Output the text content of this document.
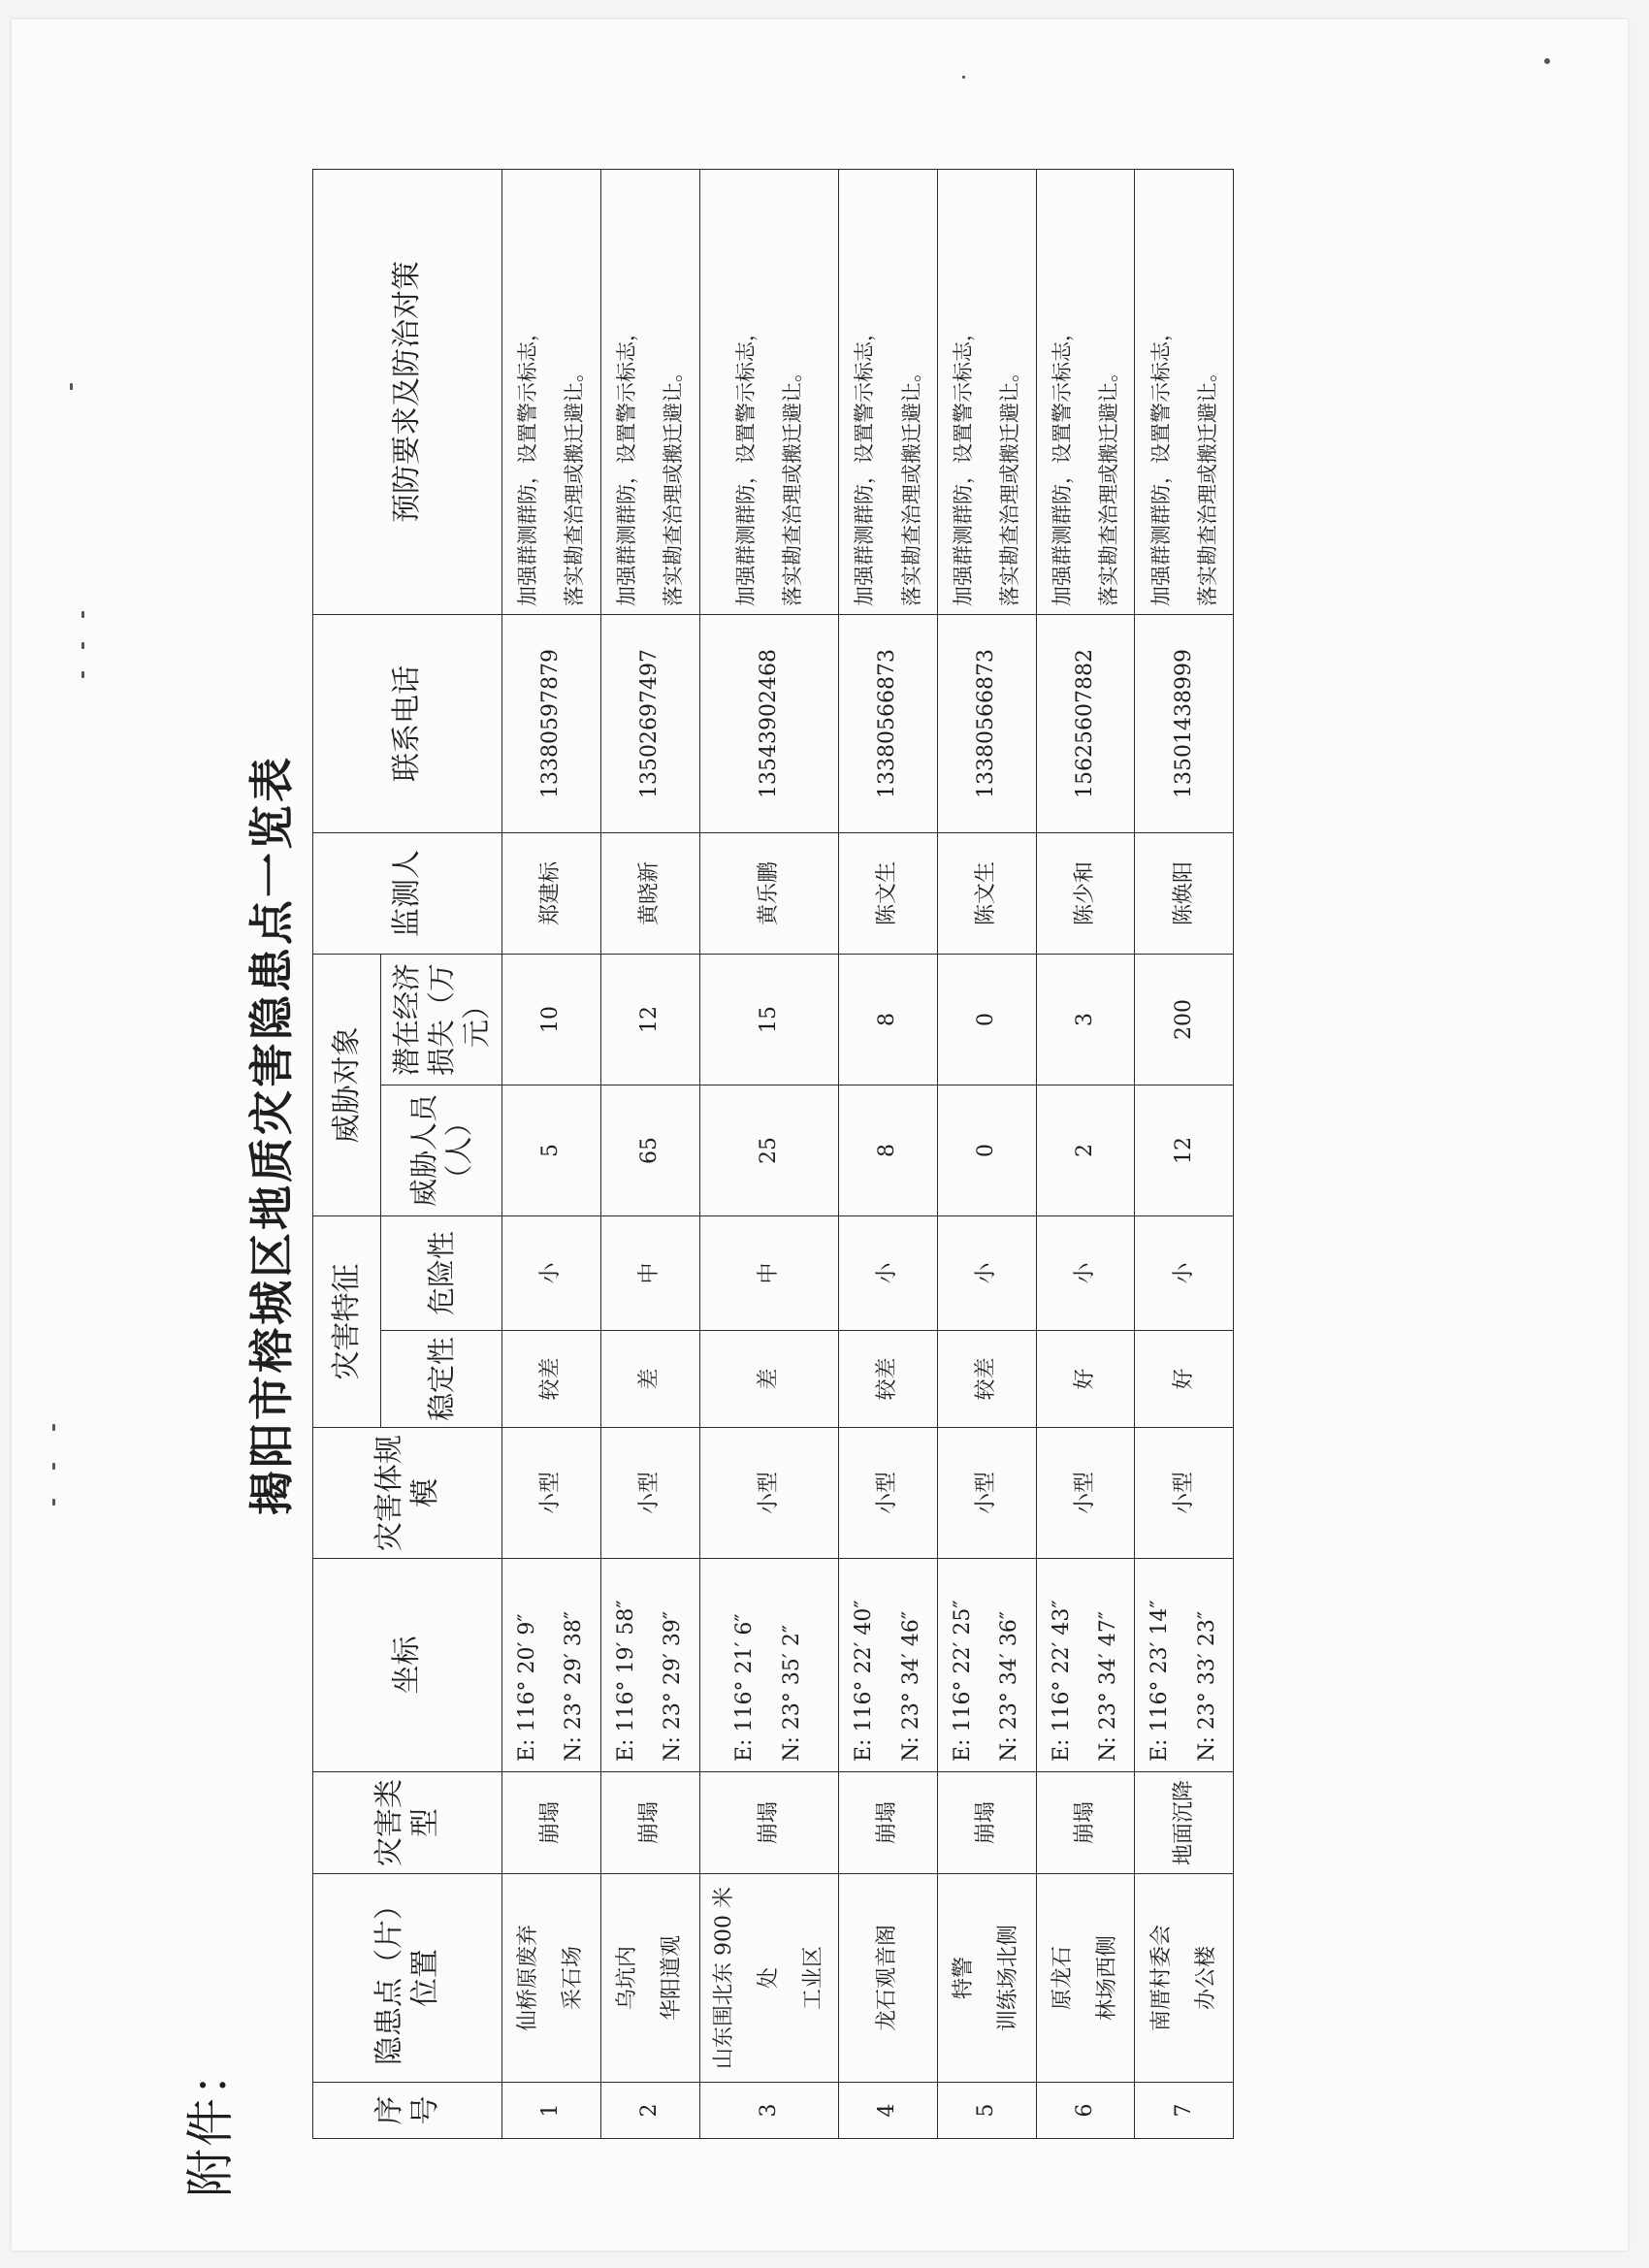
附件：
揭阳市榕城区地质灾害隐患点一览表
序号	隐患点（片）位置	灾害类型	坐标	灾害体规模	灾害特征		威胁对象		监测人	联系电话	预防要求及防治对策
					稳定性	危险性	威胁人员（人）	潜在经济损失（万元）			

1	仙桥原废弃 采石场	崩塌	E: 116° 20′ 9″ N: 23° 29′ 38″	小型	较差	小	5	10	郑建标	13380597879	加强群测群防，设置警示标志， 落实勘查治理或搬迁避让。

2	乌坑内 华阳道观	崩塌	E: 116° 19′ 58″ N: 23° 29′ 39″	小型	差	中	65	12	黄晓新	13502697497	加强群测群防，设置警示标志， 落实勘查治理或搬迁避让。

3	山东围北东 900 米处 工业区	崩塌	E: 116° 21′ 6″ N: 23° 35′ 2″	小型	差	中	25	15	黄乐鹏	13543902468	加强群测群防，设置警示标志， 落实勘查治理或搬迁避让。

4	龙石观音阁	崩塌	E: 116° 22′ 40″ N: 23° 34′ 46″	小型	较差	小	8	8	陈文生	13380566873	加强群测群防，设置警示标志， 落实勘查治理或搬迁避让。

5	特警 训练场北侧	崩塌	E: 116° 22′ 25″ N: 23° 34′ 36″	小型	较差	小	0	0	陈文生	13380566873	加强群测群防，设置警示标志， 落实勘查治理或搬迁避让。

6	原龙石 林场西侧	崩塌	E: 116° 22′ 43″ N: 23° 34′ 47″	小型	好	小	2	3	陈少和	15625607882	加强群测群防，设置警示标志， 落实勘查治理或搬迁避让。

7	南厝村委会 办公楼	地面沉降	E: 116° 23′ 14″ N: 23° 33′ 23″	小型	好	小	12	200	陈焕阳	13501438999	加强群测群防，设置警示标志， 落实勘查治理或搬迁避让。
